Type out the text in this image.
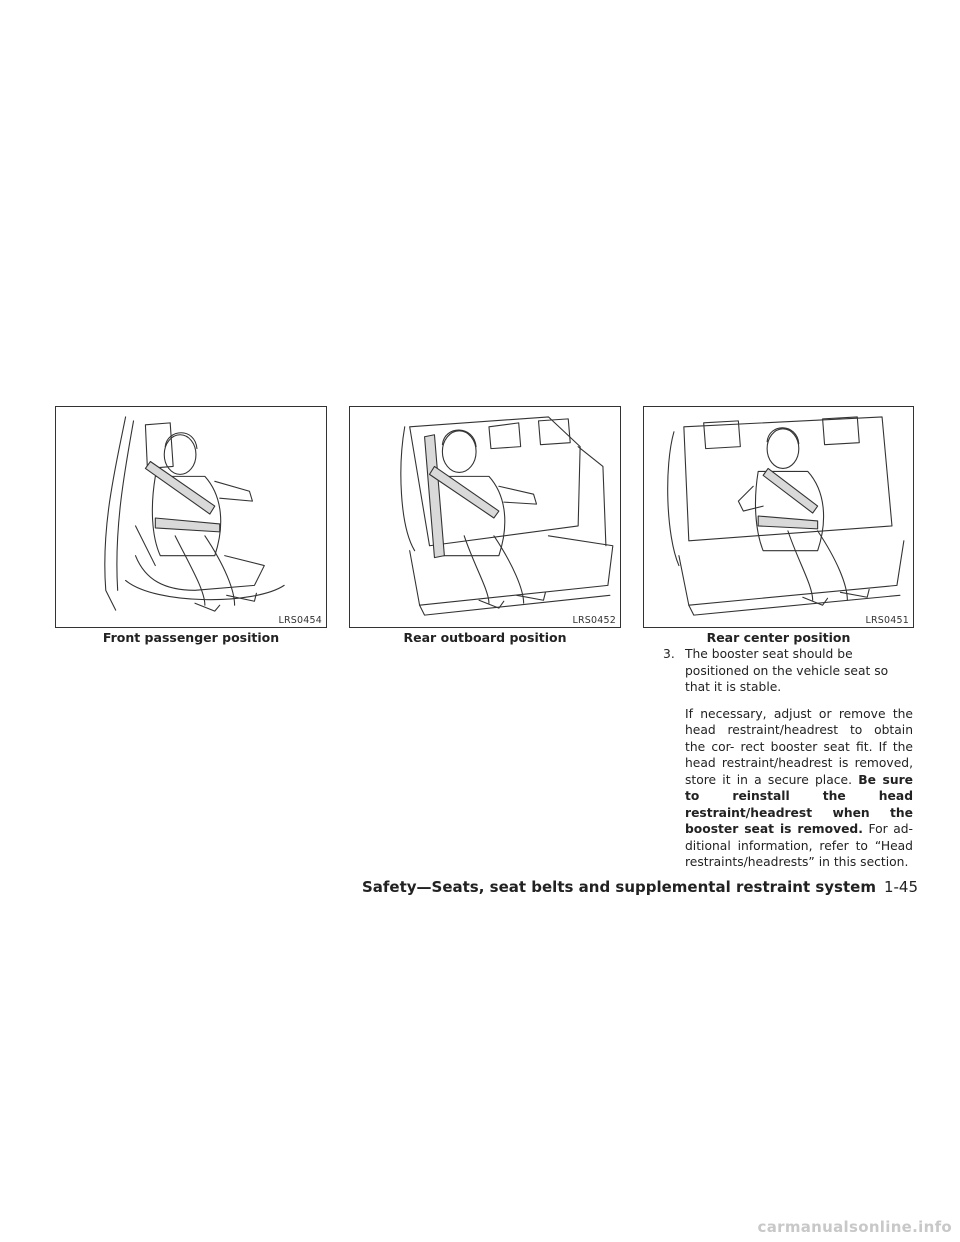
LRS0454
Front passenger position
LRS0452
Rear outboard position
LRS0451
Rear center position
3. The booster seat should be positioned on the vehicle seat so that it is stable.

If necessary, adjust or remove the head restraint/headrest to obtain the cor- rect booster seat fit. If the head restraint/headrest is removed, store it in a secure place. Be sure to reinstall the head restraint/headrest when the booster seat is removed. For ad- ditional information, refer to “Head restraints/headrests” in this section.

Safety—Seats, seat belts and supplemental restraint system 1-45
carmanualsonline.info
